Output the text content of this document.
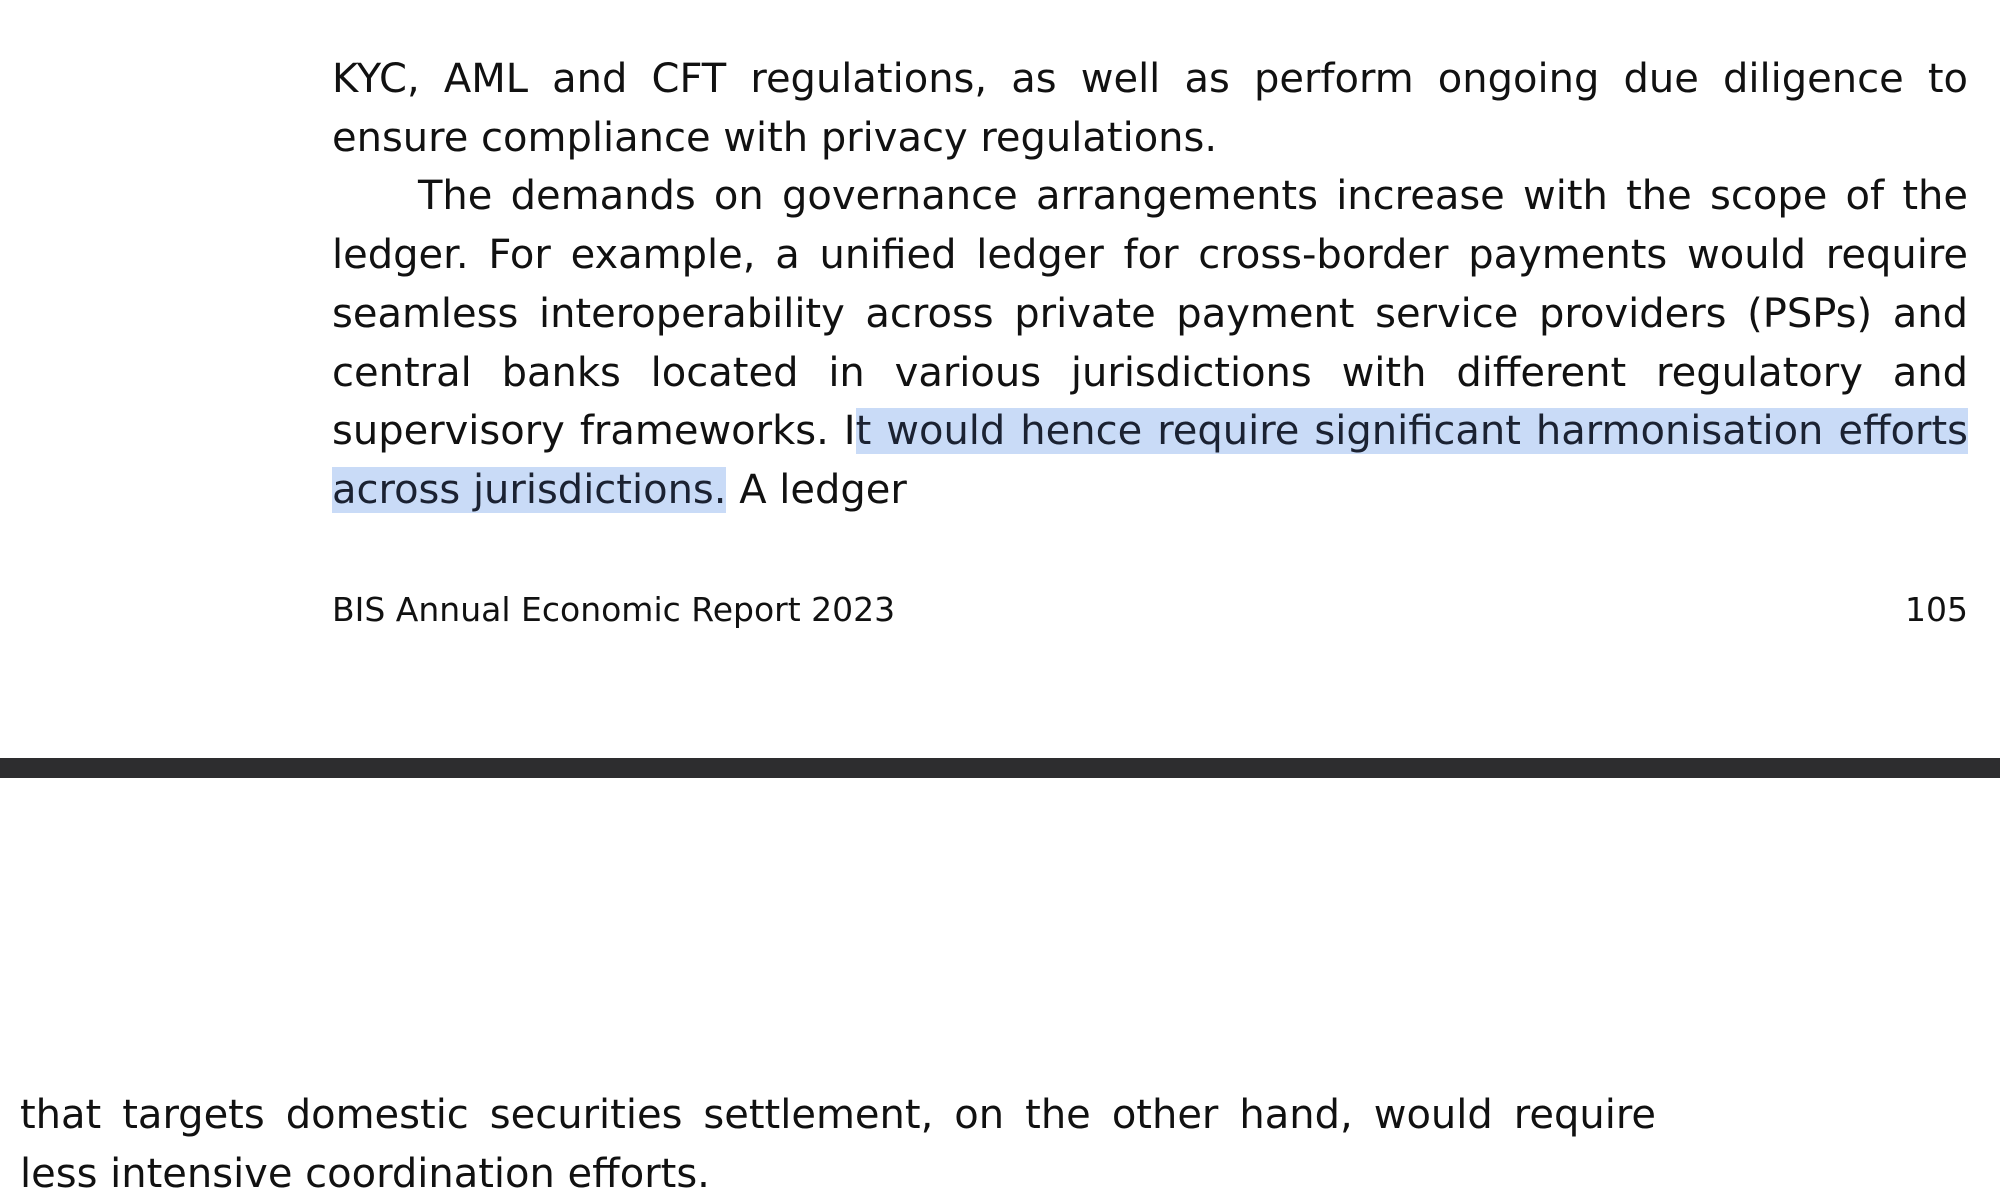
KYC, AML and CFT regulations, as well as perform ongoing due diligence to ensure compliance with privacy regulations.

The demands on governance arrangements increase with the scope of the ledger. For example, a unified ledger for cross-border payments would require seamless interoperability across private payment service providers (PSPs) and central banks located in various jurisdictions with different regulatory and supervisory frameworks. It would hence require significant harmonisation efforts across jurisdictions. A ledger

BIS Annual Economic Report 2023	105

that targets domestic securities settlement, on the other hand, would require less intensive coordination efforts.
